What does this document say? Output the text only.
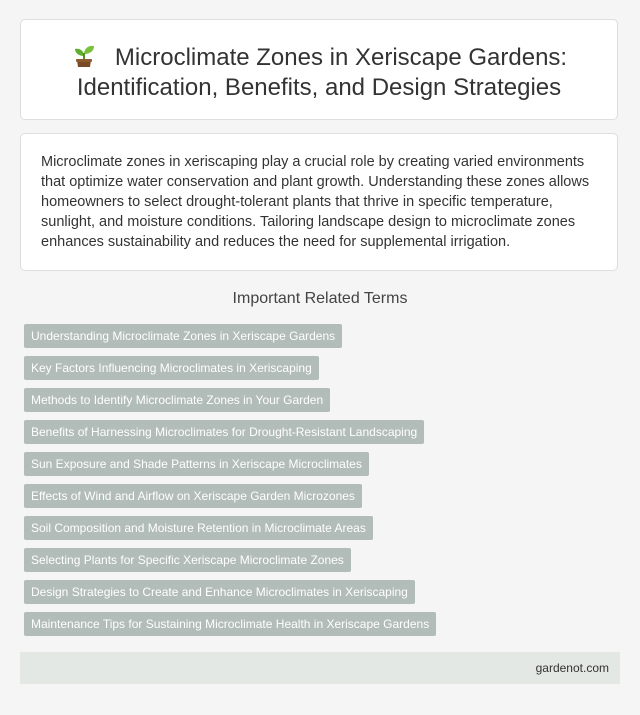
Microclimate Zones in Xeriscape Gardens: Identification, Benefits, and Design Strategies

Microclimate zones in xeriscaping play a crucial role by creating varied environments that optimize water conservation and plant growth. Understanding these zones allows homeowners to select drought-tolerant plants that thrive in specific temperature, sunlight, and moisture conditions. Tailoring landscape design to microclimate zones enhances sustainability and reduces the need for supplemental irrigation.

Important Related Terms
Understanding Microclimate Zones in Xeriscape Gardens
Key Factors Influencing Microclimates in Xeriscaping
Methods to Identify Microclimate Zones in Your Garden
Benefits of Harnessing Microclimates for Drought-Resistant Landscaping
Sun Exposure and Shade Patterns in Xeriscape Microclimates
Effects of Wind and Airflow on Xeriscape Garden Microzones
Soil Composition and Moisture Retention in Microclimate Areas
Selecting Plants for Specific Xeriscape Microclimate Zones
Design Strategies to Create and Enhance Microclimates in Xeriscaping
Maintenance Tips for Sustaining Microclimate Health in Xeriscape Gardens
gardenot.com
